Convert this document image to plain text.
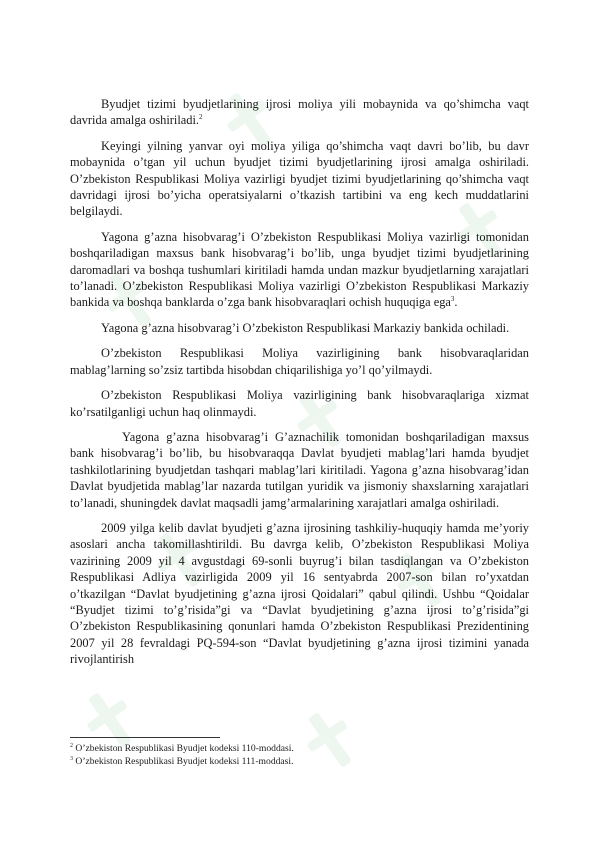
Byudjet tizimi byudjetlarining ijrosi moliya yili mobaynida va qo’shimcha vaqt davrida amalga oshiriladi.$^2$

Keyingi yilning yanvar oyi moliya yiliga qo’shimcha vaqt davri bo’lib, bu davr mobaynida o’tgan yil uchun byudjet tizimi byudjetlarining ijrosi amalga oshiriladi. O’zbekiston Respublikasi Moliya vazirligi byudjet tizimi byudjetlarining qo’shimcha vaqt davridagi ijrosi bo’yicha operatsiyalarni o’tkazish tartibini va eng kech muddatlarini belgilaydi.

Yagona g’azna hisobvarag’i O’zbekiston Respublikasi Moliya vazirligi tomonidan boshqariladigan maxsus bank hisobvarag’i bo’lib, unga byudjet tizimi byudjetlarining daromadlari va boshqa tushumlari kiritiladi hamda undan mazkur byudjetlarning xarajatlari to’lanadi. O’zbekiston Respublikasi Moliya vazirligi O’zbekiston Respublikasi Markaziy bankida va boshqa banklarda o’zga bank hisobvaraqlari ochish huquqiga ega$^3$.

Yagona g’azna hisobvarag’i O’zbekiston Respublikasi Markaziy bankida ochiladi.

O’zbekiston Respublikasi Moliya vazirligining bank hisobvaraqlaridan mablag’larning so’zsiz tartibda hisobdan chiqarilishiga yo’l qo’yilmaydi.

O’zbekiston Respublikasi Moliya vazirligining bank hisobvaraqlariga xizmat ko’rsatilganligi uchun haq olinmaydi.

Yagona g’azna hisobvarag’i G’aznachilik tomonidan boshqariladigan maxsus bank hisobvarag’i bo’lib, bu hisobvaraqqa Davlat byudjeti mablag’lari hamda byudjet tashkilotlarining byudjetdan tashqari mablag’lari kiritiladi. Yagona g’azna hisobvarag’idan Davlat byudjetida mablag’lar nazarda tutilgan yuridik va jismoniy shaxslarning xarajatlari to’lanadi, shuningdek davlat maqsadli jamg’armalarining xarajatlari amalga oshiriladi.

2009 yilga kelib davlat byudjeti g’azna ijrosining tashkiliy-huquqiy hamda me’yoriy asoslari ancha takomillashtirildi. Bu davrga kelib, O’zbekiston Respublikasi Moliya vazirining 2009 yil 4 avgustdagi 69-sonli buyrug’i bilan tasdiqlangan va O’zbekiston Respublikasi Adliya vazirligida 2009 yil 16 sentyabrda 2007-son bilan ro’yxatdan o’tkazilgan “Davlat byudjetining g’azna ijrosi Qoidalari” qabul qilindi. Ushbu “Qoidalar “Byudjet tizimi to’g’risida”gi va “Davlat byudjetining g’azna ijrosi to’g’risida”gi O’zbekiston Respublikasining qonunlari hamda O’zbekiston Respublikasi Prezidentining 2007 yil 28 fevraldagi PQ-594-son “Davlat byudjetining g’azna ijrosi tizimini yanada rivojlantirish

$^2$ O’zbekiston Respublikasi Byudjet kodeksi 110-moddasi.

$^3$ O’zbekiston Respublikasi Byudjet kodeksi 111-moddasi.
